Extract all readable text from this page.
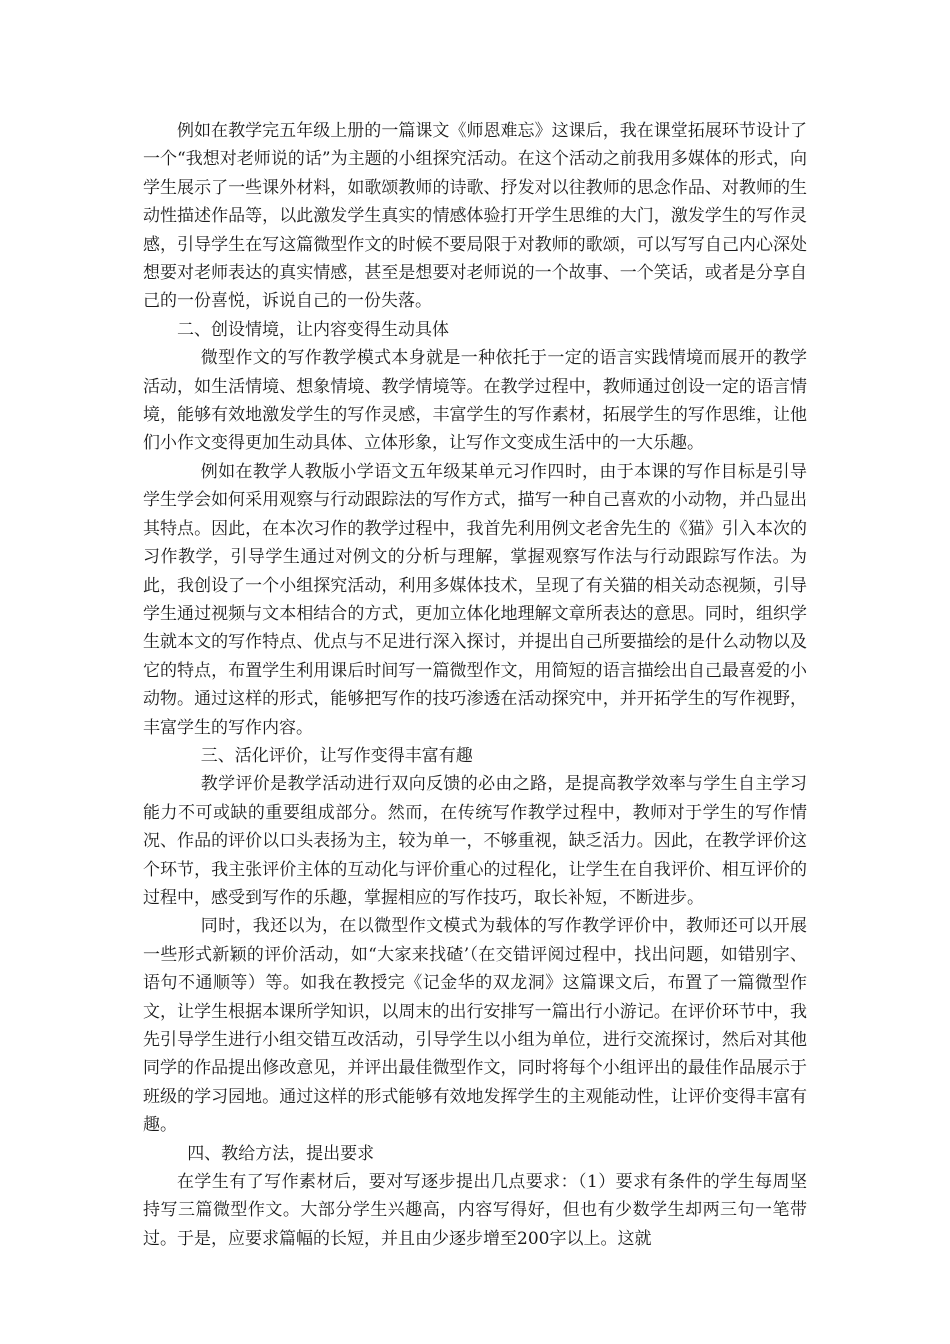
例如在教学完五年级上册的一篇课文《师恩难忘》这课后，我在课堂拓展环节设计了一个“我想对老师说的话”为主题的小组探究活动。在这个活动之前我用多媒体的形式，向学生展示了一些课外材料，如歌颂教师的诗歌、抒发对以往教师的思念作品、对教师的生动性描述作品等，以此激发学生真实的情感体验打开学生思维的大门，激发学生的写作灵感，引导学生在写这篇微型作文的时候不要局限于对教师的歌颂，可以写写自己内心深处想要对老师表达的真实情感，甚至是想要对老师说的一个故事、一个笑话，或者是分享自己的一份喜悦，诉说自己的一份失落。

二、创设情境，让内容变得生动具体

微型作文的写作教学模式本身就是一种依托于一定的语言实践情境而展开的教学活动，如生活情境、想象情境、教学情境等。在教学过程中，教师通过创设一定的语言情境，能够有效地激发学生的写作灵感，丰富学生的写作素材，拓展学生的写作思维，让他们小作文变得更加生动具体、立体形象，让写作文变成生活中的一大乐趣。

例如在教学人教版小学语文五年级某单元习作四时，由于本课的写作目标是引导学生学会如何采用观察与行动跟踪法的写作方式，描写一种自己喜欢的小动物，并凸显出其特点。因此，在本次习作的教学过程中，我首先利用例文老舍先生的《猫》引入本次的习作教学，引导学生通过对例文的分析与理解，掌握观察写作法与行动跟踪写作法。为此，我创设了一个小组探究活动，利用多媒体技术，呈现了有关猫的相关动态视频，引导学生通过视频与文本相结合的方式，更加立体化地理解文章所表达的意思。同时，组织学生就本文的写作特点、优点与不足进行深入探讨，并提出自己所要描绘的是什么动物以及它的特点，布置学生利用课后时间写一篇微型作文，用简短的语言描绘出自己最喜爱的小动物。通过这样的形式，能够把写作的技巧渗透在活动探究中，并开拓学生的写作视野，丰富学生的写作内容。

三、活化评价，让写作变得丰富有趣

教学评价是教学活动进行双向反馈的必由之路，是提高教学效率与学生自主学习能力不可或缺的重要组成部分。然而，在传统写作教学过程中，教师对于学生的写作情况、作品的评价以口头表扬为主，较为单一，不够重视，缺乏活力。因此，在教学评价这个环节，我主张评价主体的互动化与评价重心的过程化，让学生在自我评价、相互评价的过程中，感受到写作的乐趣，掌握相应的写作技巧，取长补短，不断进步。

同时，我还以为，在以微型作文模式为载体的写作教学评价中，教师还可以开展一些形式新颖的评价活动，如“大家来找碴’（在交错评阅过程中，找出问题，如错别字、语句不通顺等）等。如我在教授完《记金华的双龙洞》这篇课文后，布置了一篇微型作文，让学生根据本课所学知识，以周末的出行安排写一篇出行小游记。在评价环节中，我先引导学生进行小组交错互改活动，引导学生以小组为单位，进行交流探讨，然后对其他同学的作品提出修改意见，并评出最佳微型作文，同时将每个小组评出的最佳作品展示于班级的学习园地。通过这样的形式能够有效地发挥学生的主观能动性，让评价变得丰富有趣。

四、教给方法，提出要求

在学生有了写作素材后，要对写逐步提出几点要求：（1）要求有条件的学生每周坚持写三篇微型作文。大部分学生兴趣高，内容写得好，但也有少数学生却两三句一笔带过。于是，应要求篇幅的长短，并且由少逐步增至200字以上。这就
